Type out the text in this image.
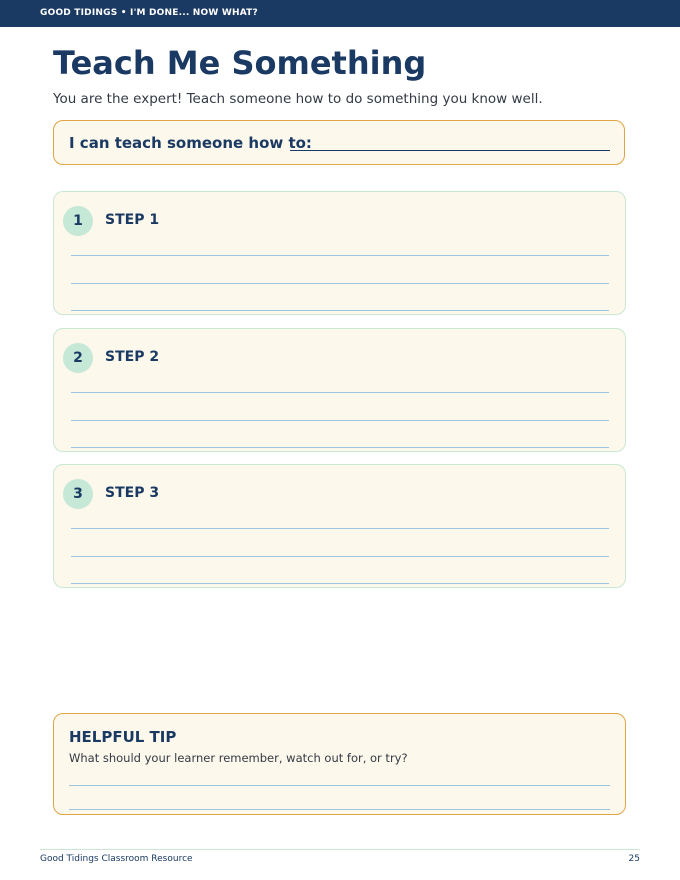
GOOD TIDINGS • I'M DONE... NOW WHAT?
Teach Me Something
You are the expert! Teach someone how to do something you know well.
I can teach someone how to:
1	STEP 1
2	STEP 2
3	STEP 3
HELPFUL TIP
What should your learner remember, watch out for, or try?
Good Tidings Classroom Resource	25
